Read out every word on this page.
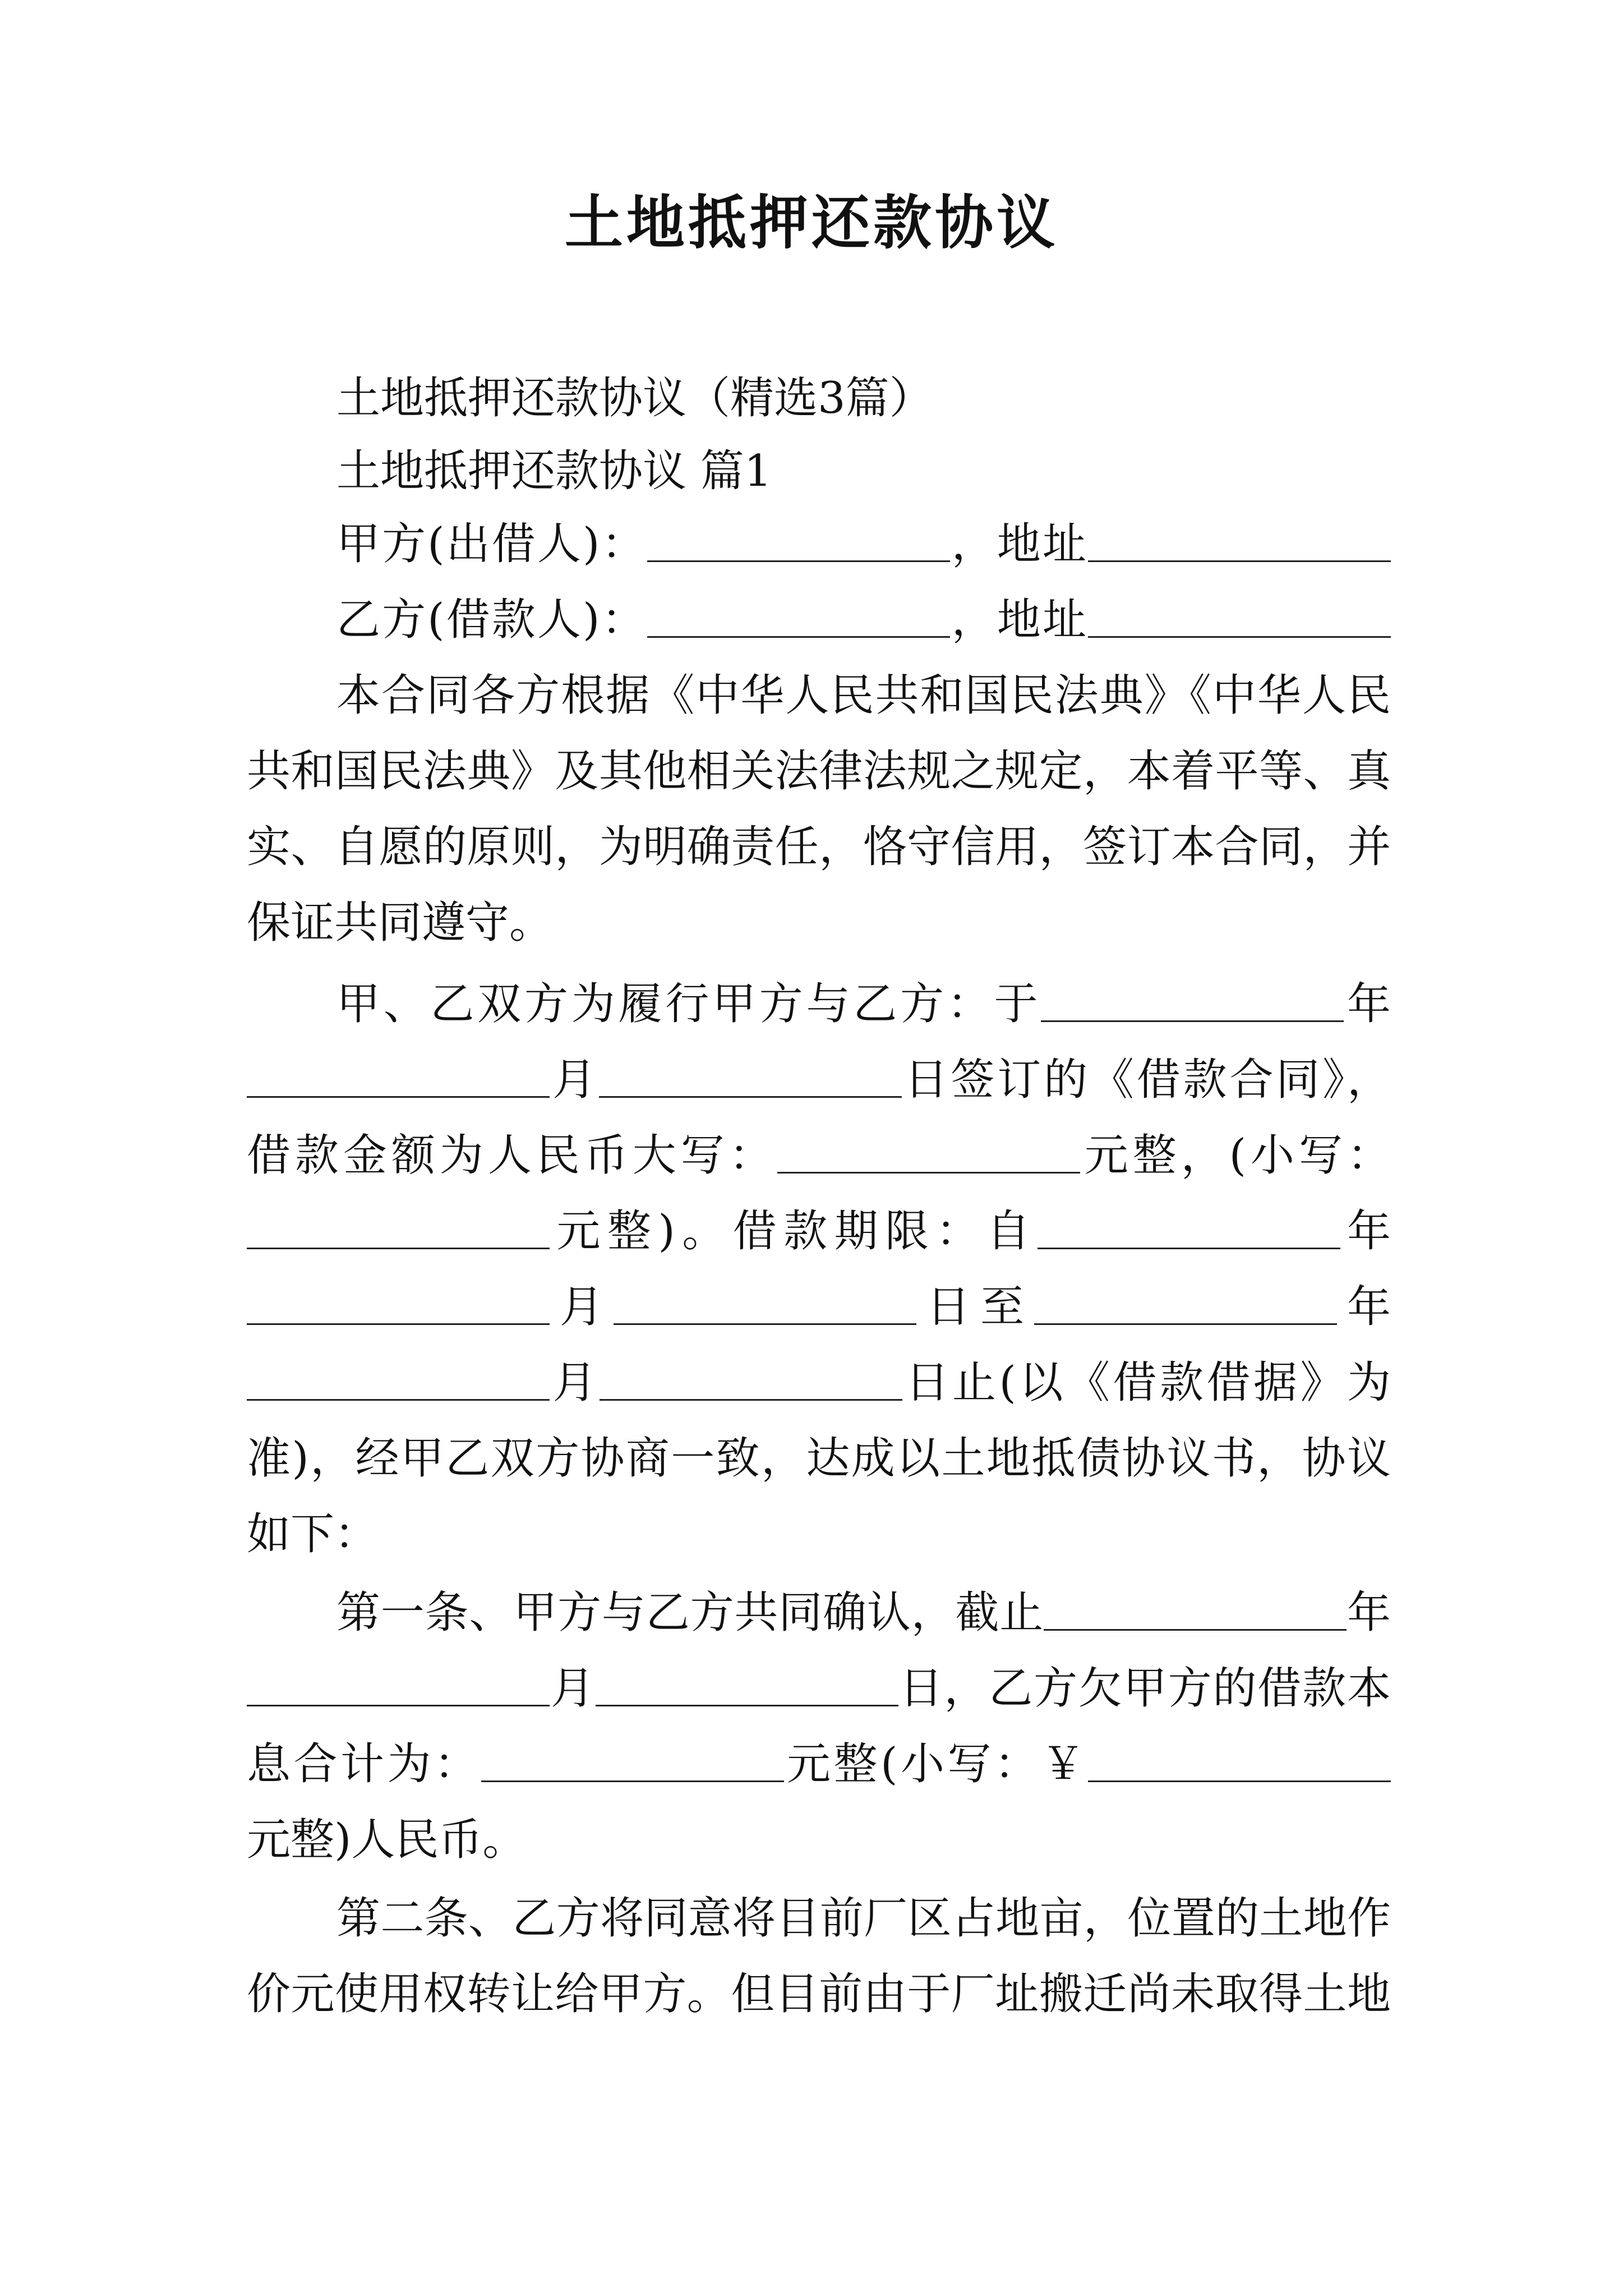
土地抵押还款协议

土地抵押还款协议（精选3篇）

土地抵押还款协议 篇1

甲方(出借人)：	，地址

乙方(借款人)：	，地址

本合同各方根据《中华人民共和国民法典》《中华人民

共和国民法典》及其他相关法律法规之规定，本着平等、真

实、自愿的原则，为明确责任，恪守信用，签订本合同，并

保证共同遵守。

甲、乙双方为履行甲方与乙方：于	年

月	日签订的《借款合同》，

借款金额为人民币大写：	元整，(小写：

元整)。借款期限：自	年

月	日至	年

月	日止(以《借款借据》为

准)，经甲乙双方协商一致，达成以土地抵债协议书，协议

如下：

第一条、甲方与乙方共同确认，截止	年

月	日，乙方欠甲方的借款本

息合计为：	元整(小写：￥

元整)人民币。

第二条、乙方将同意将目前厂区占地亩，位置的土地作

价元使用权转让给甲方。但目前由于厂址搬迁尚未取得土地
